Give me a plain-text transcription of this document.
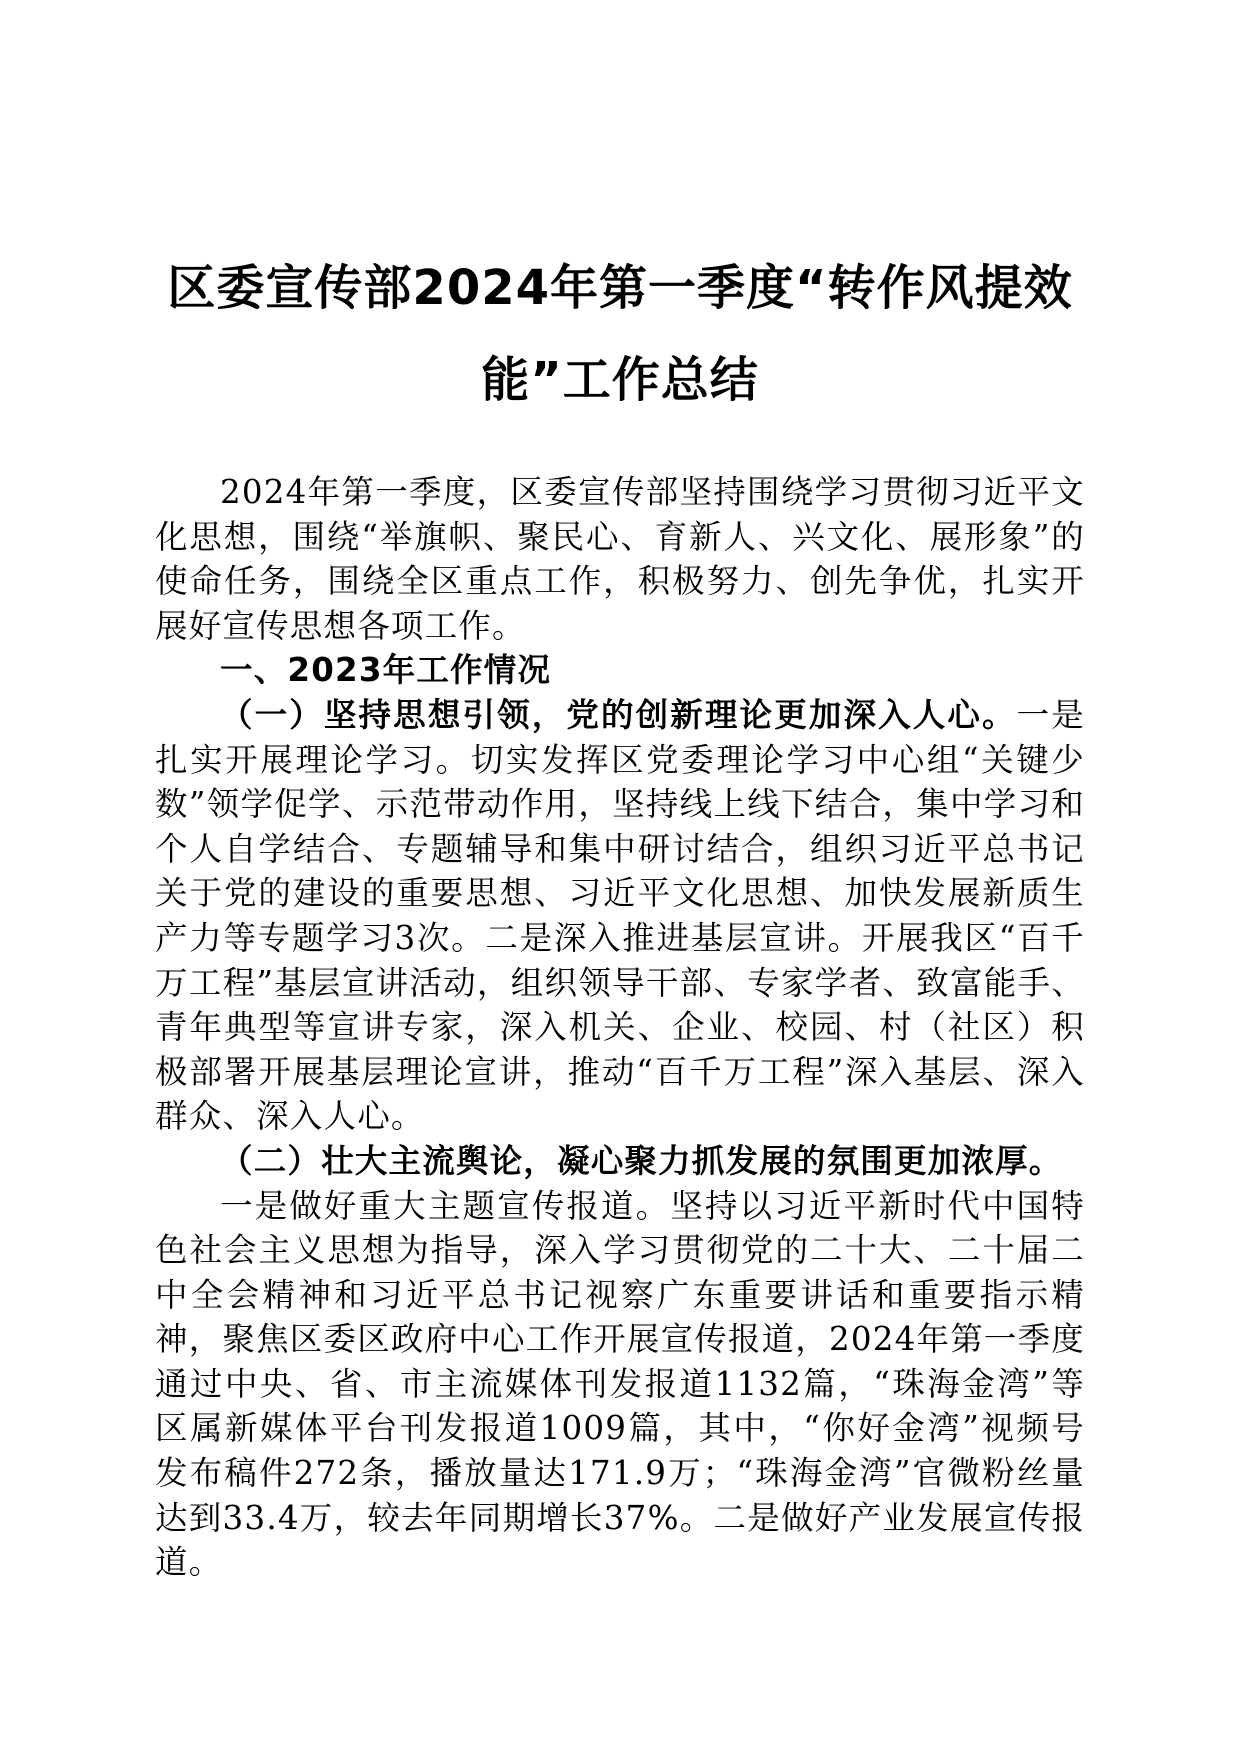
区委宣传部2024年第一季度“转作风提效
能”工作总结

2024年第一季度，区委宣传部坚持围绕学习贯彻习近平文化思想，围绕“举旗帜、聚民心、育新人、兴文化、展形象”的使命任务，围绕全区重点工作，积极努力、创先争优，扎实开展好宣传思想各项工作。

一、2023年工作情况

（一）坚持思想引领，党的创新理论更加深入人心。一是扎实开展理论学习。切实发挥区党委理论学习中心组“关键少数”领学促学、示范带动作用，坚持线上线下结合，集中学习和个人自学结合、专题辅导和集中研讨结合，组织习近平总书记关于党的建设的重要思想、习近平文化思想、加快发展新质生产力等专题学习3次。二是深入推进基层宣讲。开展我区“百千万工程”基层宣讲活动，组织领导干部、专家学者、致富能手、青年典型等宣讲专家，深入机关、企业、校园、村（社区）积极部署开展基层理论宣讲，推动“百千万工程”深入基层、深入群众、深入人心。

（二）壮大主流舆论，凝心聚力抓发展的氛围更加浓厚。

一是做好重大主题宣传报道。坚持以习近平新时代中国特色社会主义思想为指导，深入学习贯彻党的二十大、二十届二中全会精神和习近平总书记视察广东重要讲话和重要指示精神，聚焦区委区政府中心工作开展宣传报道，2024年第一季度通过中央、省、市主流媒体刊发报道1132篇，“珠海金湾”等区属新媒体平台刊发报道1009篇，其中，“你好金湾”视频号发布稿件272条，播放量达171.9万；“珠海金湾”官微粉丝量达到33.4万，较去年同期增长37%。二是做好产业发展宣传报道。
